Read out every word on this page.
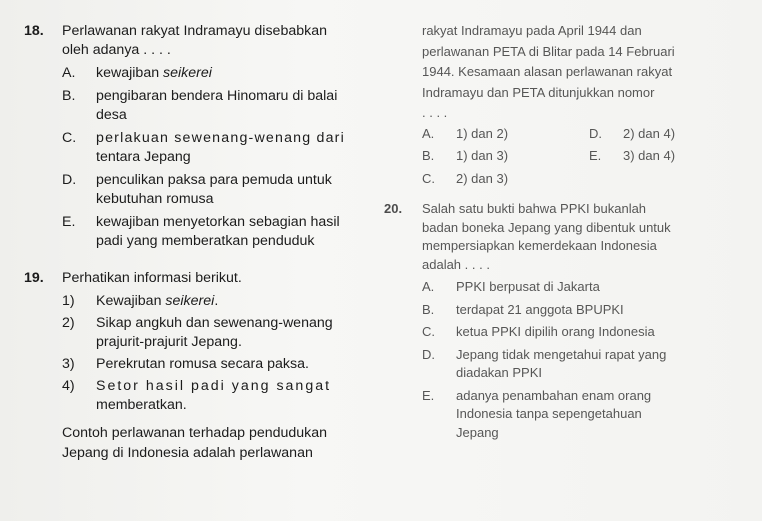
18. Perlawanan rakyat Indramayu disebabkan
oleh adanya . . . .
A. kewajiban seikerei
B. pengibaran bendera Hinomaru di balai
desa
C. perlakuan sewenang-wenang dari
tentara Jepang
D. penculikan paksa para pemuda untuk
kebutuhan romusa
E. kewajiban menyetorkan sebagian hasil
padi yang memberatkan penduduk
19. Perhatikan informasi berikut.
1) Kewajiban seikerei.
2) Sikap angkuh dan sewenang-wenang
prajurit-prajurit Jepang.
3) Perekrutan romusa secara paksa.
4) Setor hasil padi yang sangat
memberatkan.
Contoh perlawanan terhadap pendudukan
Jepang di Indonesia adalah perlawanan
rakyat Indramayu pada April 1944 dan
perlawanan PETA di Blitar pada 14 Februari
1944. Kesamaan alasan perlawanan rakyat
Indramayu dan PETA ditunjukkan nomor
. . . .
A. 1) dan 2)	D. 2) dan 4)
B. 1) dan 3)	E. 3) dan 4)
C. 2) dan 3)
20. Salah satu bukti bahwa PPKI bukanlah
badan boneka Jepang yang dibentuk untuk
mempersiapkan kemerdekaan Indonesia
adalah . . . .
A. PPKI berpusat di Jakarta
B. terdapat 21 anggota BPUPKI
C. ketua PPKI dipilih orang Indonesia
D. Jepang tidak mengetahui rapat yang
diadakan PPKI
E. adanya penambahan enam orang
Indonesia tanpa sepengetahuan
Jepang
